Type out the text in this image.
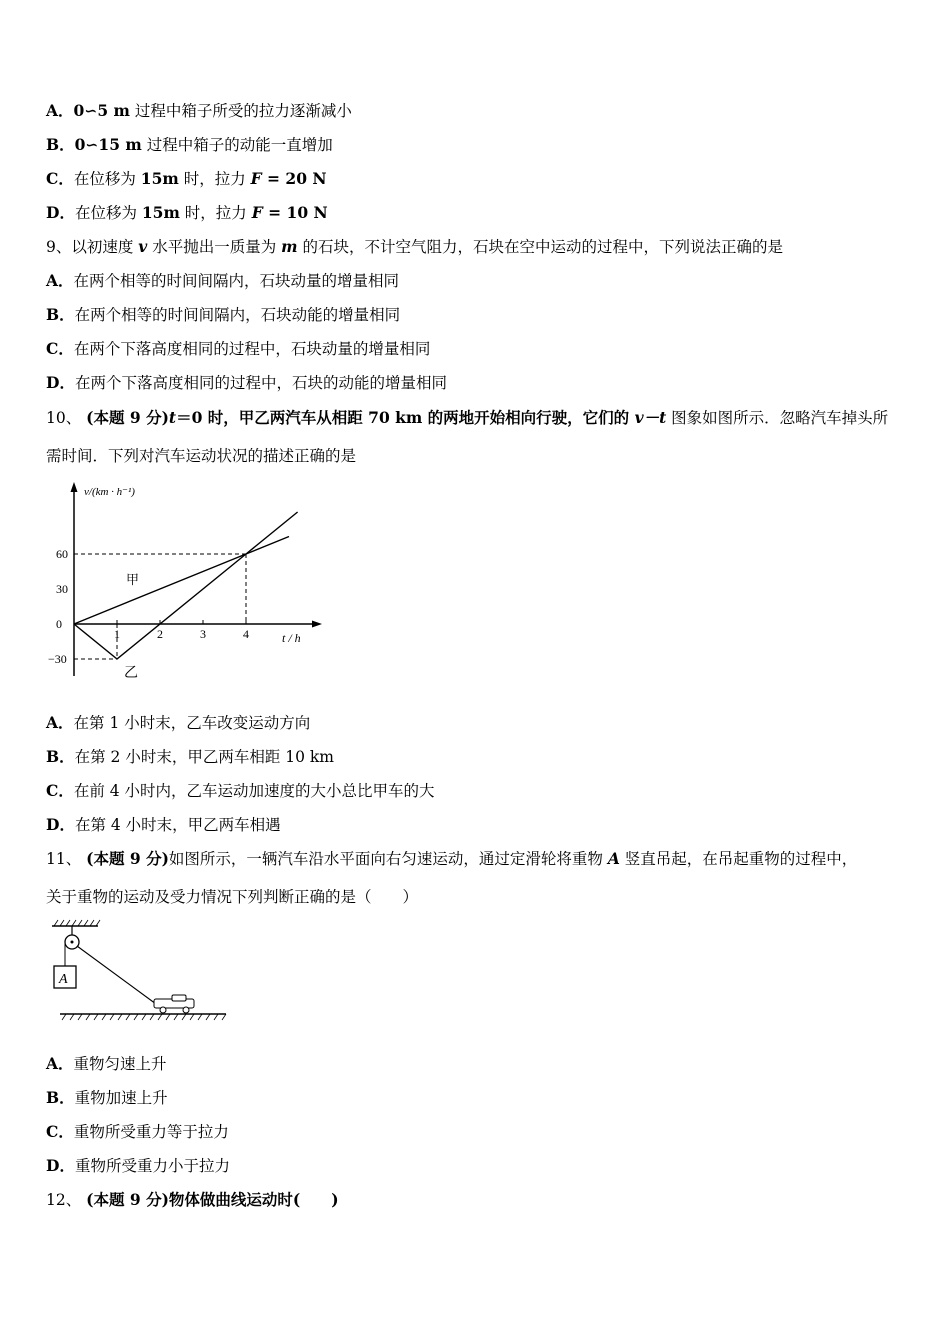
A．0∽5 m 过程中箱子所受的拉力逐渐减小
B．0∽15 m 过程中箱子的动能一直增加
C．在位移为 15m 时，拉力 F = 20 N
D．在位移为 15m 时，拉力 F = 10 N
9、以初速度 v 水平抛出一质量为 m 的石块，不计空气阻力，石块在空中运动的过程中，下列说法正确的是
A．在两个相等的时间间隔内，石块动量的增量相同
B．在两个相等的时间间隔内，石块动能的增量相同
C．在两个下落高度相同的过程中，石块动量的增量相同
D．在两个下落高度相同的过程中，石块的动能的增量相同
10、 (本题 9 分)t＝0 时，甲乙两汽车从相距 70 km 的两地开始相向行驶，它们的 v－t 图象如图所示．忽略汽车掉头所
需时间．下列对汽车运动状况的描述正确的是
v/(km · h⁻¹)
t / h
1	2	3	4
60
30
0
−30
甲
乙
A．在第 1 小时末，乙车改变运动方向
B．在第 2 小时末，甲乙两车相距 10 km
C．在前 4 小时内，乙车运动加速度的大小总比甲车的大
D．在第 4 小时末，甲乙两车相遇
11、 (本题 9 分)如图所示，一辆汽车沿水平面向右匀速运动，通过定滑轮将重物 A 竖直吊起，在吊起重物的过程中，
关于重物的运动及受力情况下列判断正确的是（　　）
A
A．重物匀速上升
B．重物加速上升
C．重物所受重力等于拉力
D．重物所受重力小于拉力
12、 (本题 9 分)物体做曲线运动时(　　)
